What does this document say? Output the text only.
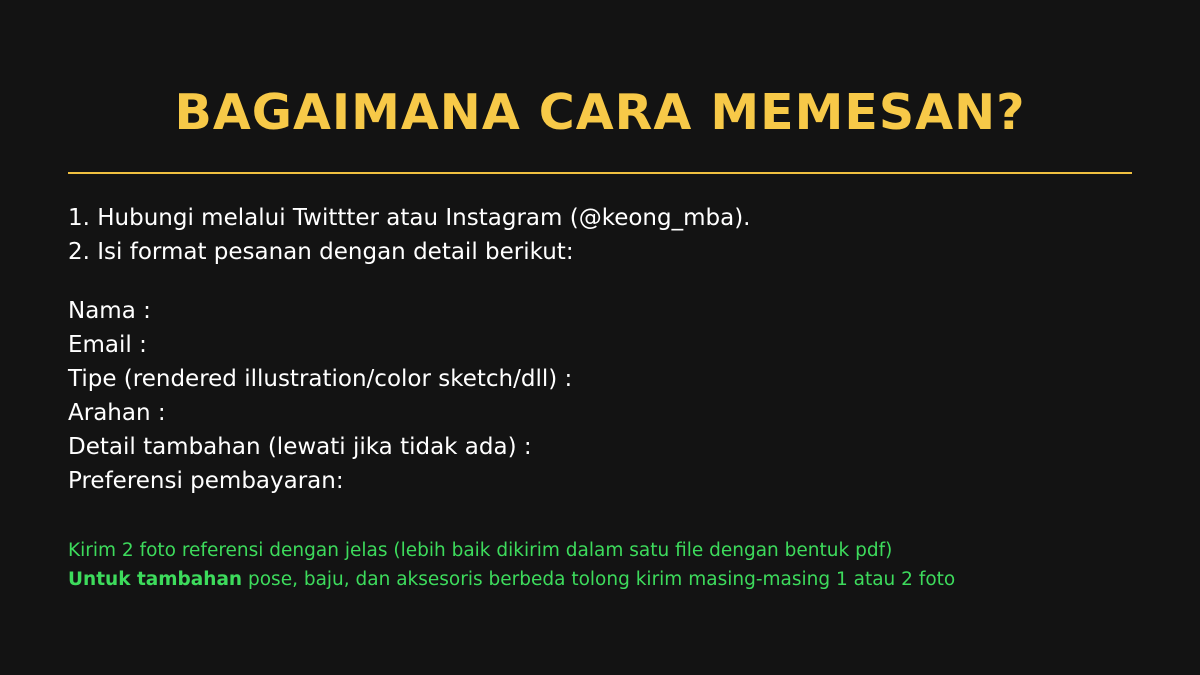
BAGAIMANA CARA MEMESAN?
1. Hubungi melalui Twittter atau Instagram (@keong_mba).
2. Isi format pesanan dengan detail berikut:
Nama :
Email :
Tipe (rendered illustration/color sketch/dll) :
Arahan :
Detail tambahan (lewati jika tidak ada) :
Preferensi pembayaran:
Kirim 2 foto referensi dengan jelas (lebih baik dikirim dalam satu file dengan bentuk pdf)
Untuk tambahan pose, baju, dan aksesoris berbeda tolong kirim masing-masing 1 atau 2 foto
